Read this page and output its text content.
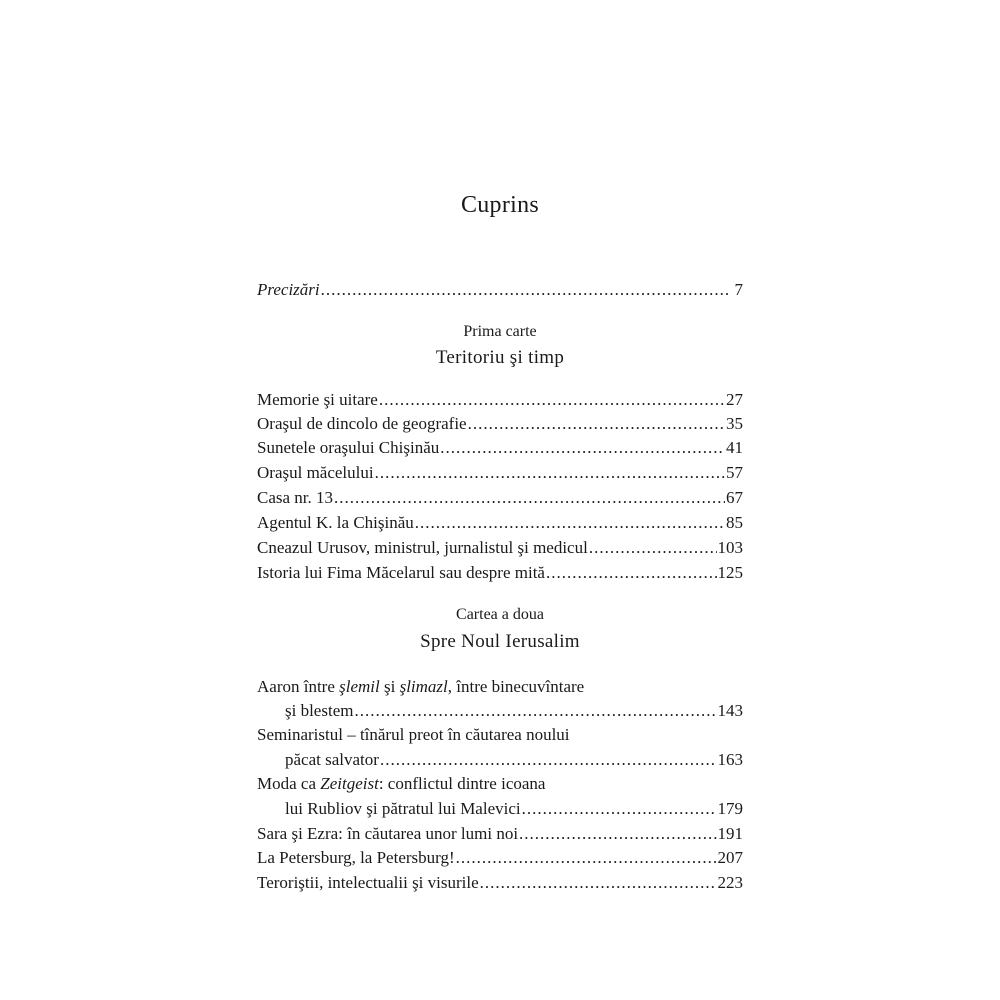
Cuprins
Precizări .....	7
Prima carte
Teritoriu şi timp
Memorie şi uitare .....	27
Oraşul de dincolo de geografie .....	35
Sunetele oraşului Chişinău .....	41
Oraşul măcelului .....	57
Casa nr. 13 .....	67
Agentul K. la Chişinău .....	85
Cneazul Urusov, ministrul, jurnalistul şi medicul .....	103
Istoria lui Fima Măcelarul sau despre mită .....	125
Cartea a doua
Spre Noul Ierusalim
Aaron între şlemil şi şlimazl, între binecuvîntare
şi blestem .....	143
Seminaristul – tînărul preot în căutarea noului
păcat salvator .....	163
Moda ca Zeitgeist: conflictul dintre icoana
lui Rubliov şi pătratul lui Malevici .....	179
Sara şi Ezra: în căutarea unor lumi noi .....	191
La Petersburg, la Petersburg! .....	207
Teroriştii, intelectualii şi visurile .....	223
